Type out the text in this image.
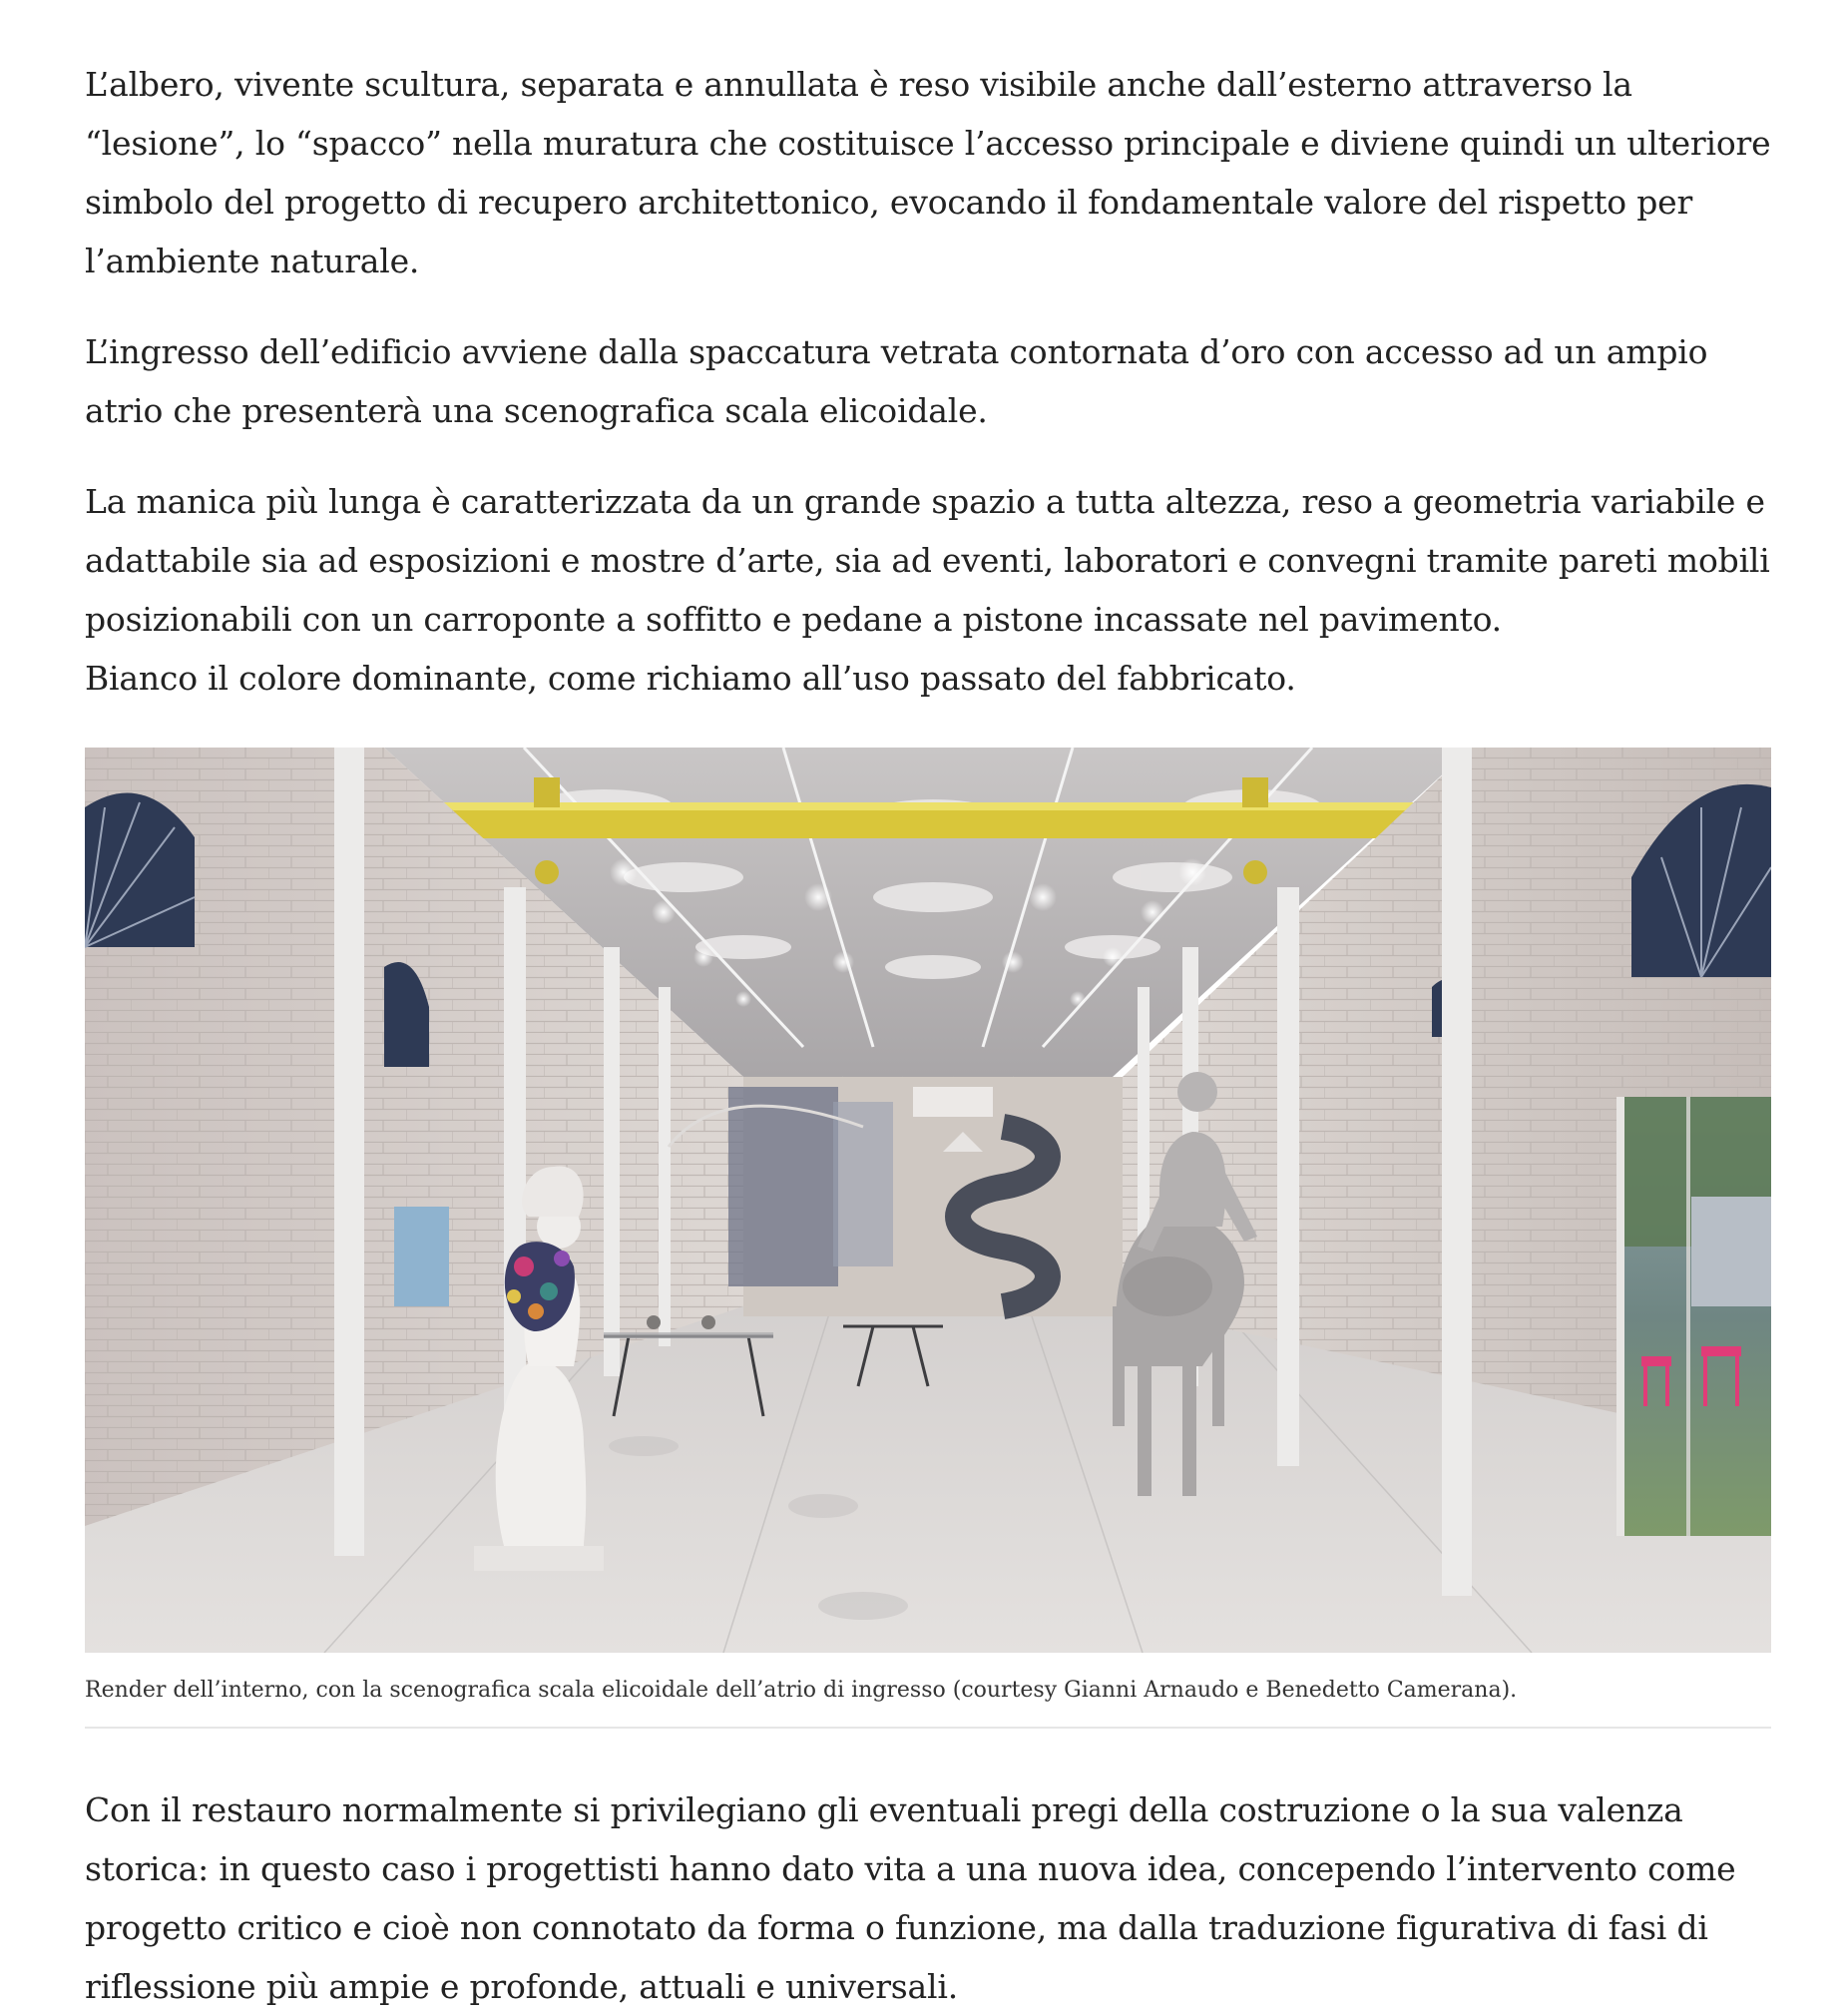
L’albero, vivente scultura, separata e annullata è reso visibile anche dall’esterno attraverso la “lesione”, lo “spacco” nella muratura che costituisce l’accesso principale e diviene quindi un ulteriore simbolo del progetto di recupero architettonico, evocando il fondamentale valore del rispetto per l’ambiente naturale.

L’ingresso dell’edificio avviene dalla spaccatura vetrata contornata d’oro con accesso ad un ampio atrio che presenterà una scenografica scala elicoidale.

La manica più lunga è caratterizzata da un grande spazio a tutta altezza, reso a geometria variabile e adattabile sia ad esposizioni e mostre d’arte, sia ad eventi, laboratori e convegni tramite pareti mobili posizionabili con un carroponte a soffitto e pedane a pistone incassate nel pavimento.

Bianco il colore dominante, come richiamo all’uso passato del fabbricato.

Render dell’interno, con la scenografica scala elicoidale dell’atrio di ingresso (courtesy Gianni Arnaudo e Benedetto Camerana).

Con il restauro normalmente si privilegiano gli eventuali pregi della costruzione o la sua valenza storica: in questo caso i progettisti hanno dato vita a una nuova idea, concependo l’intervento come progetto critico e cioè non connotato da forma o funzione, ma dalla traduzione figurativa di fasi di riflessione più ampie e profonde, attuali e universali.
